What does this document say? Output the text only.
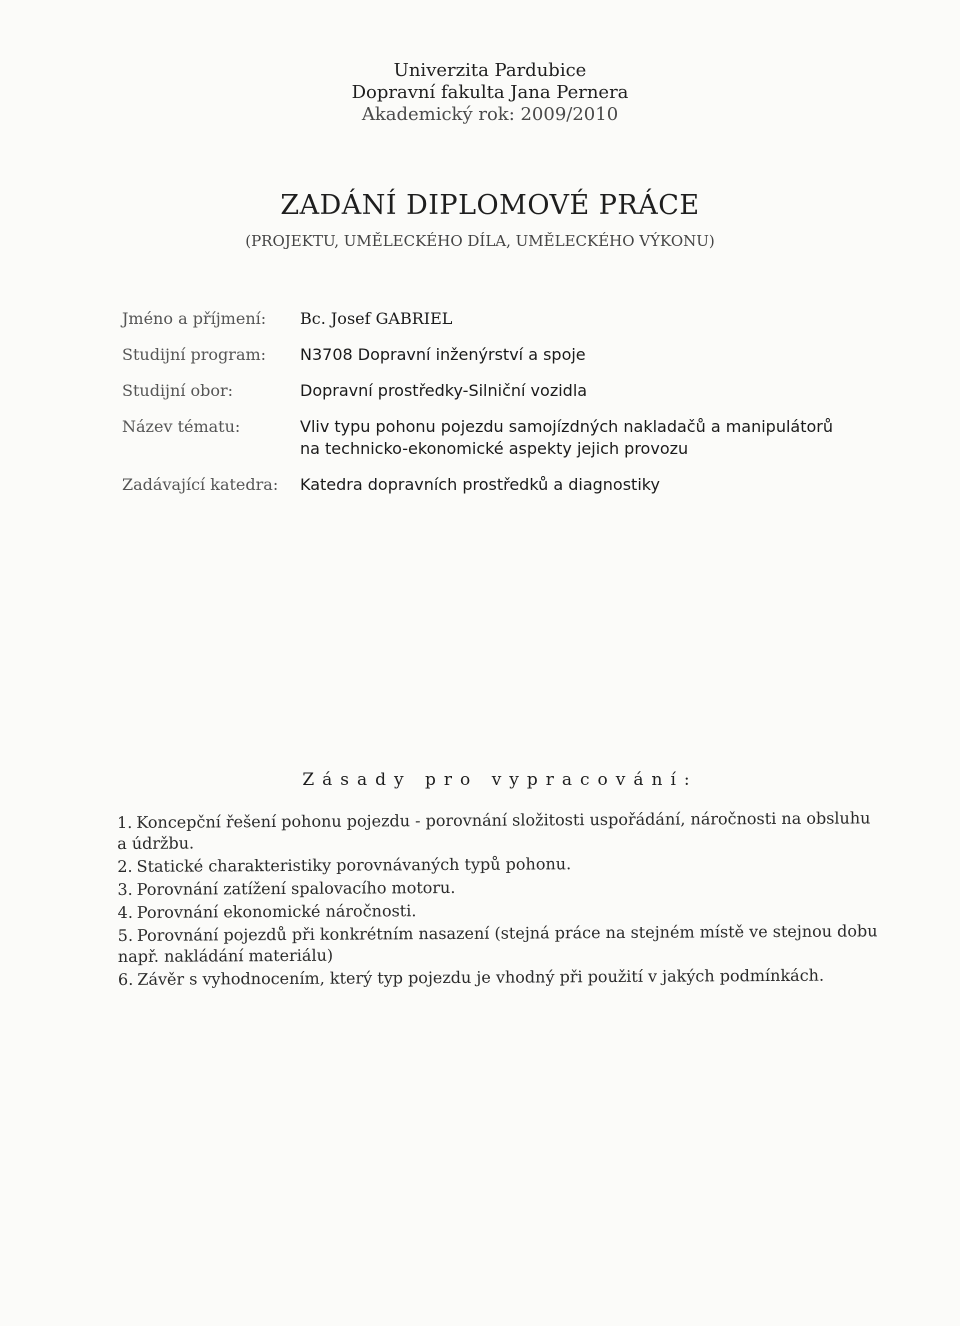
Univerzita Pardubice
Dopravní fakulta Jana Pernera
Akademický rok: 2009/2010
ZADÁNÍ DIPLOMOVÉ PRÁCE
(PROJEKTU, UMĚLECKÉHO DÍLA, UMĚLECKÉHO VÝKONU)
Jméno a příjmení:	Bc. Josef GABRIEL
Studijní program:	N3708 Dopravní inženýrství a spoje
Studijní obor:	Dopravní prostředky-Silniční vozidla
Název tématu:	Vliv typu pohonu pojezdu samojízdných nakladačů a manipulátorů na technicko-ekonomické aspekty jejich provozu
Zadávající katedra:	Katedra dopravních prostředků a diagnostiky
Zásady pro vypracování:
1. Koncepční řešení pohonu pojezdu - porovnání složitosti uspořádání, náročnosti na obsluhu a údržbu.
2. Statické charakteristiky porovnávaných typů pohonu.
3. Porovnání zatížení spalovacího motoru.
4. Porovnání ekonomické náročnosti.
5. Porovnání pojezdů při konkrétním nasazení (stejná práce na stejném místě ve stejnou dobu např. nakládání materiálu)
6. Závěr s vyhodnocením, který typ pojezdu je vhodný při použití v jakých podmínkách.
